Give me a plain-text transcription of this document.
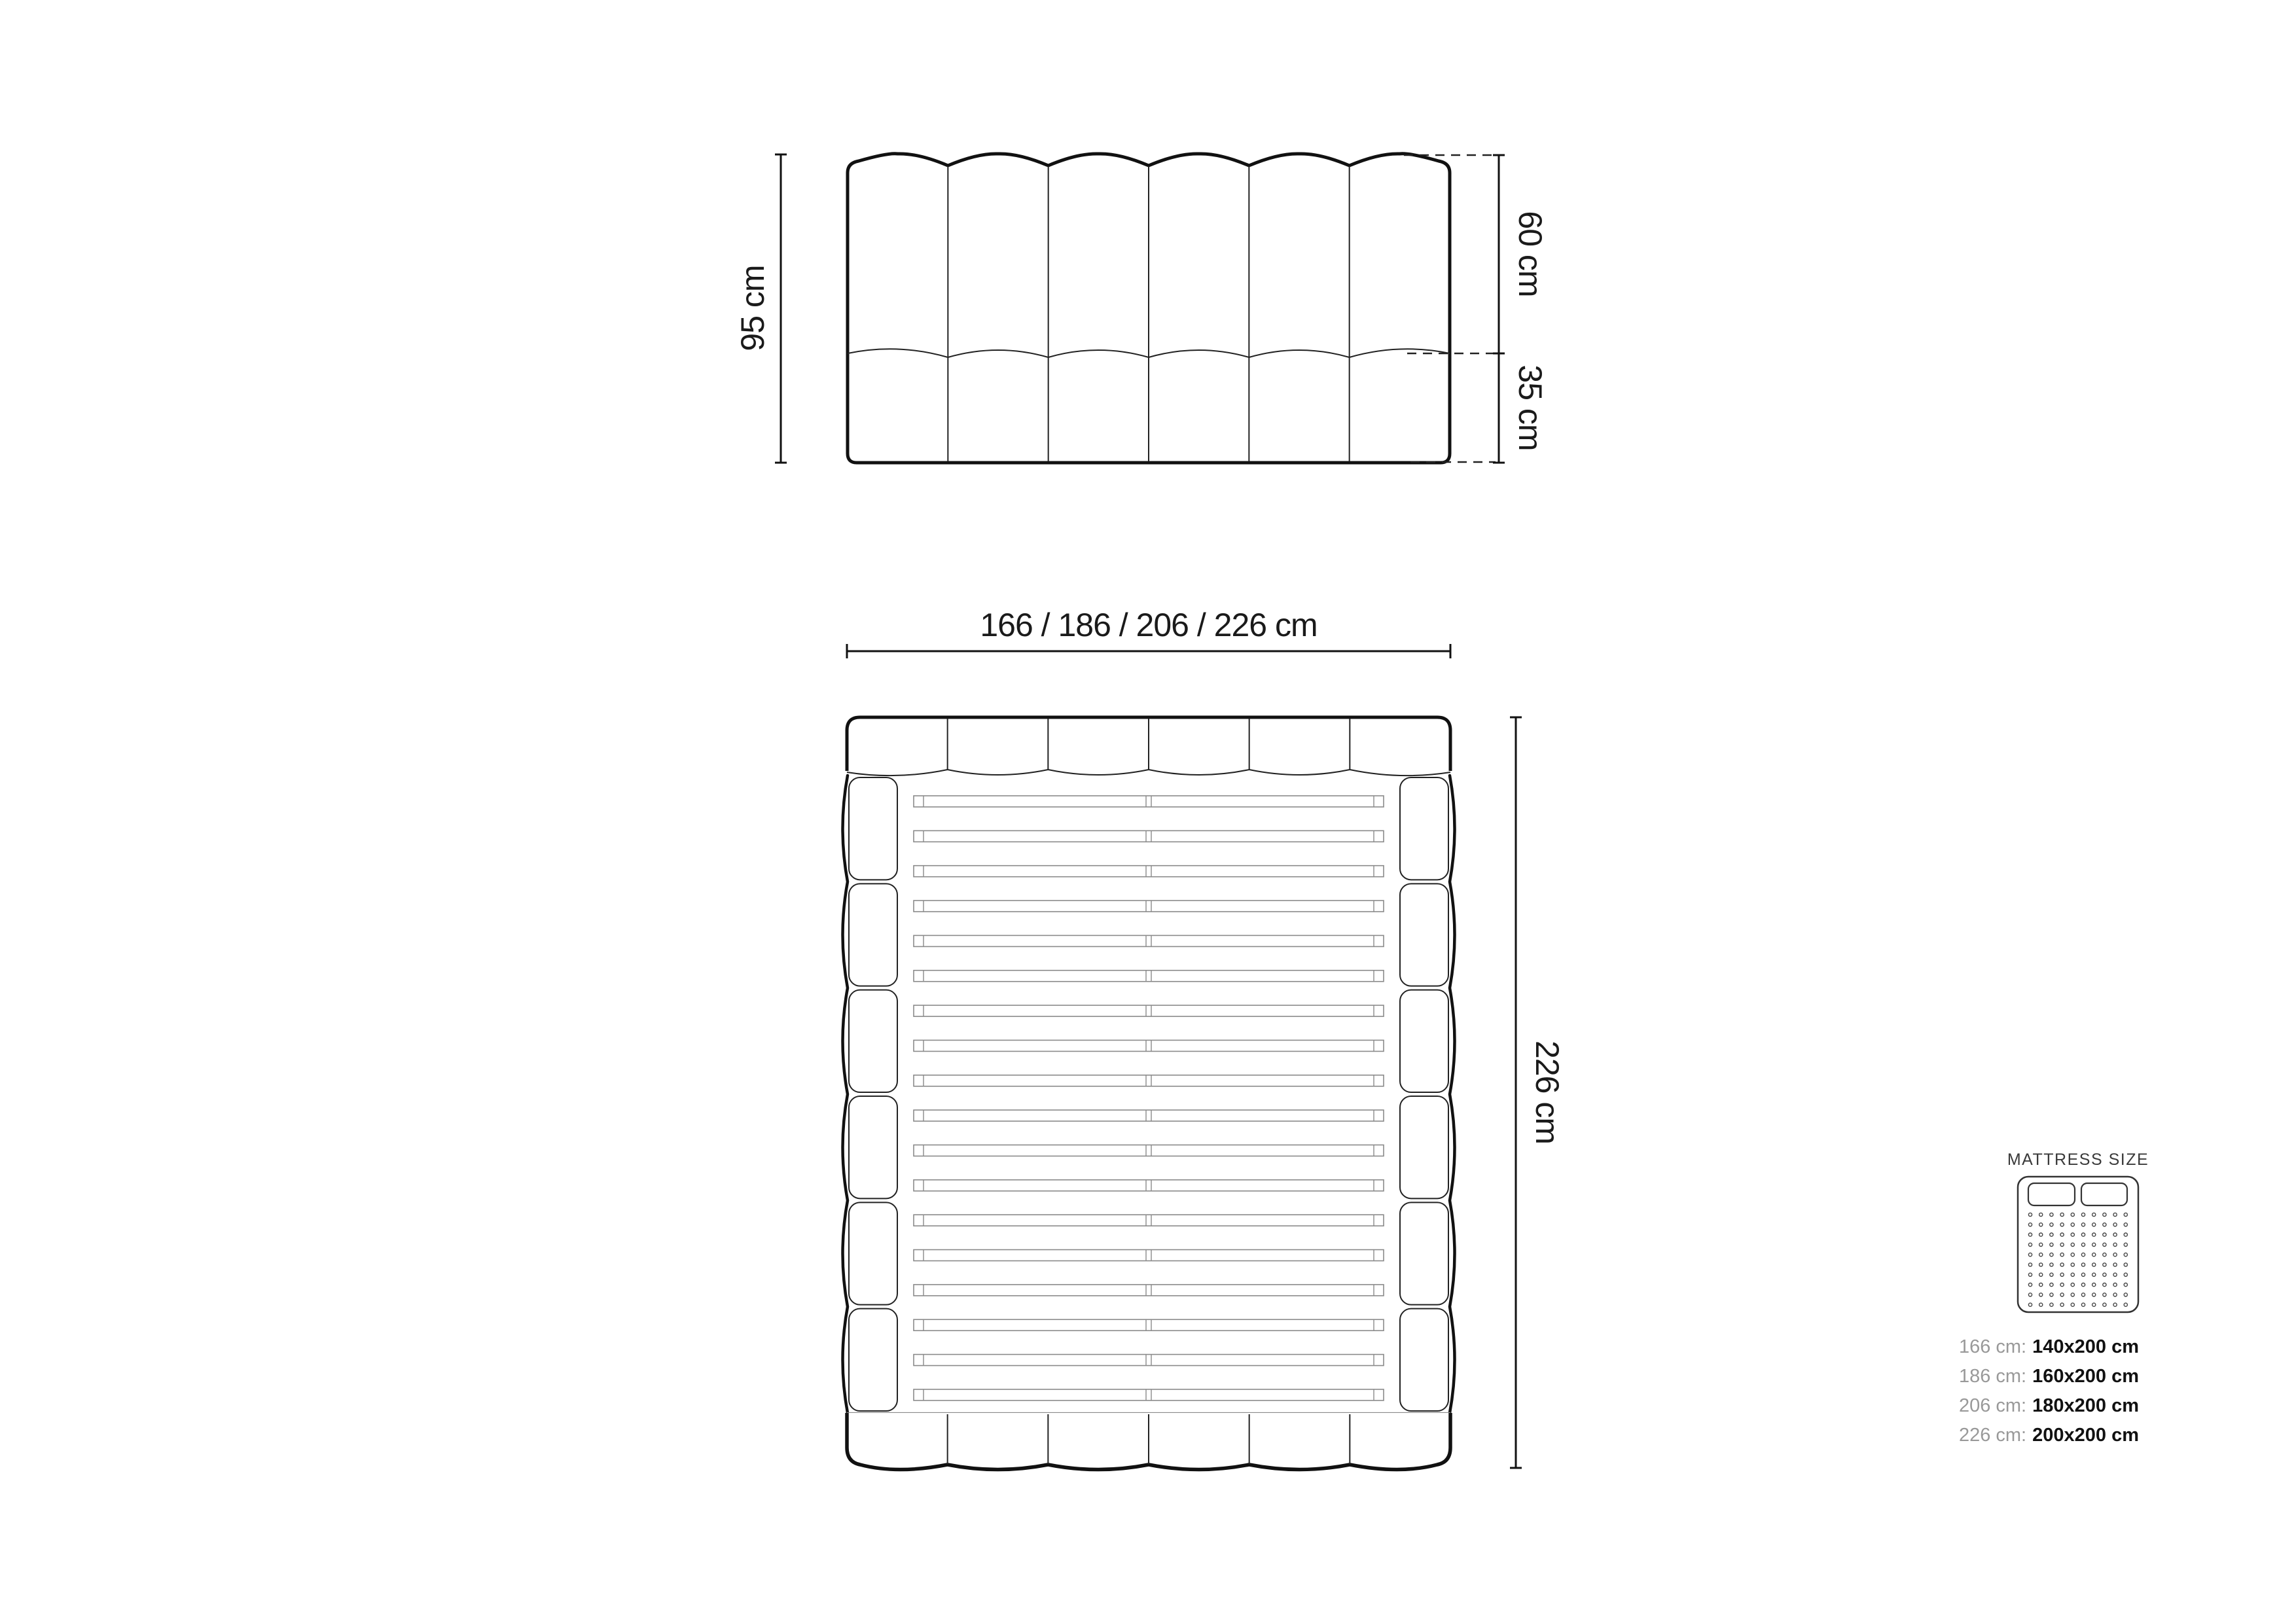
95 cm
60 cm
35 cm
166 / 186 / 206 / 226 cm
226 cm
MATTRESS SIZE
166 cm: 140x200 cm
186 cm: 160x200 cm
206 cm: 180x200 cm
226 cm: 200x200 cm
